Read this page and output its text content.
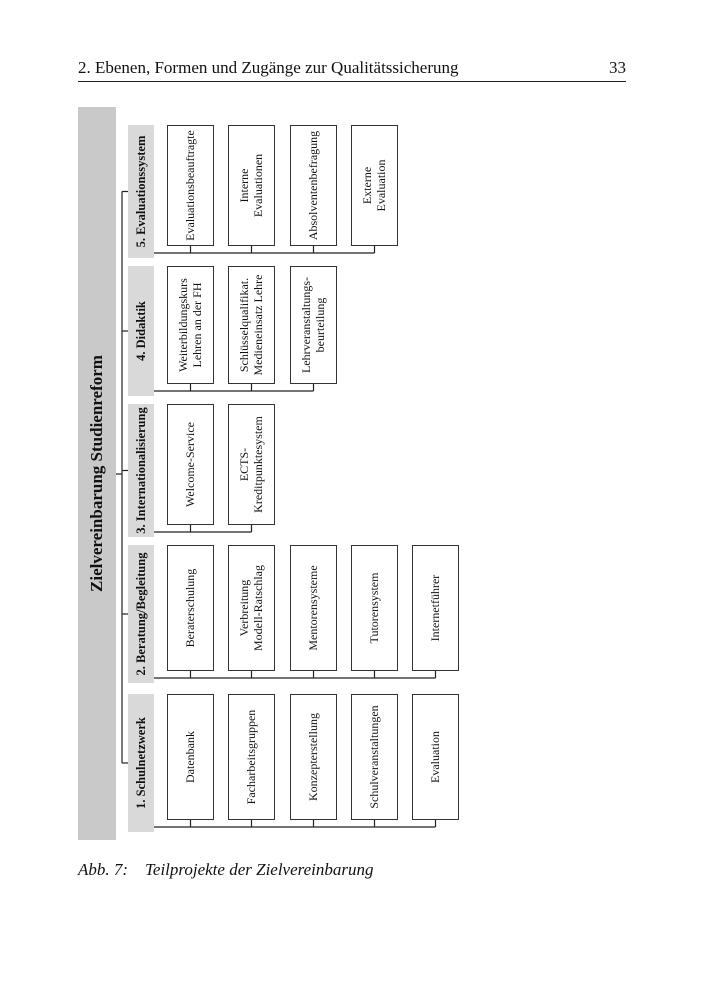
2. Ebenen, Formen und Zugänge zur Qualitätssicherung	33
Zielvereinbarung Studienreform
1. Schulnetzwerk	Datenbank	Facharbeitsgruppen	Konzepterstellung	Schulveranstaltungen	Evaluation
2. Beratung/Begleitung	Beraterschulung	Verbreitung
Modell-Ratschlag	Mentorensysteme	Tutorensystem	Internetführer
3. Internationalisierung	Welcome-Service	ECTS-
Kreditpunktesystem
4. Didaktik	Weiterbildungskurs
Lehren an der FH	Schlüsselqualifikat.
Medieneinsatz Lehre	Lehrveranstaltungs-
beurteilung
5. Evaluationssystem	Evaluationsbeauftragte	Interne
Evaluationen	Absolventenbefragung	Externe
Evaluation
Abb. 7: Teilprojekte der Zielvereinbarung
